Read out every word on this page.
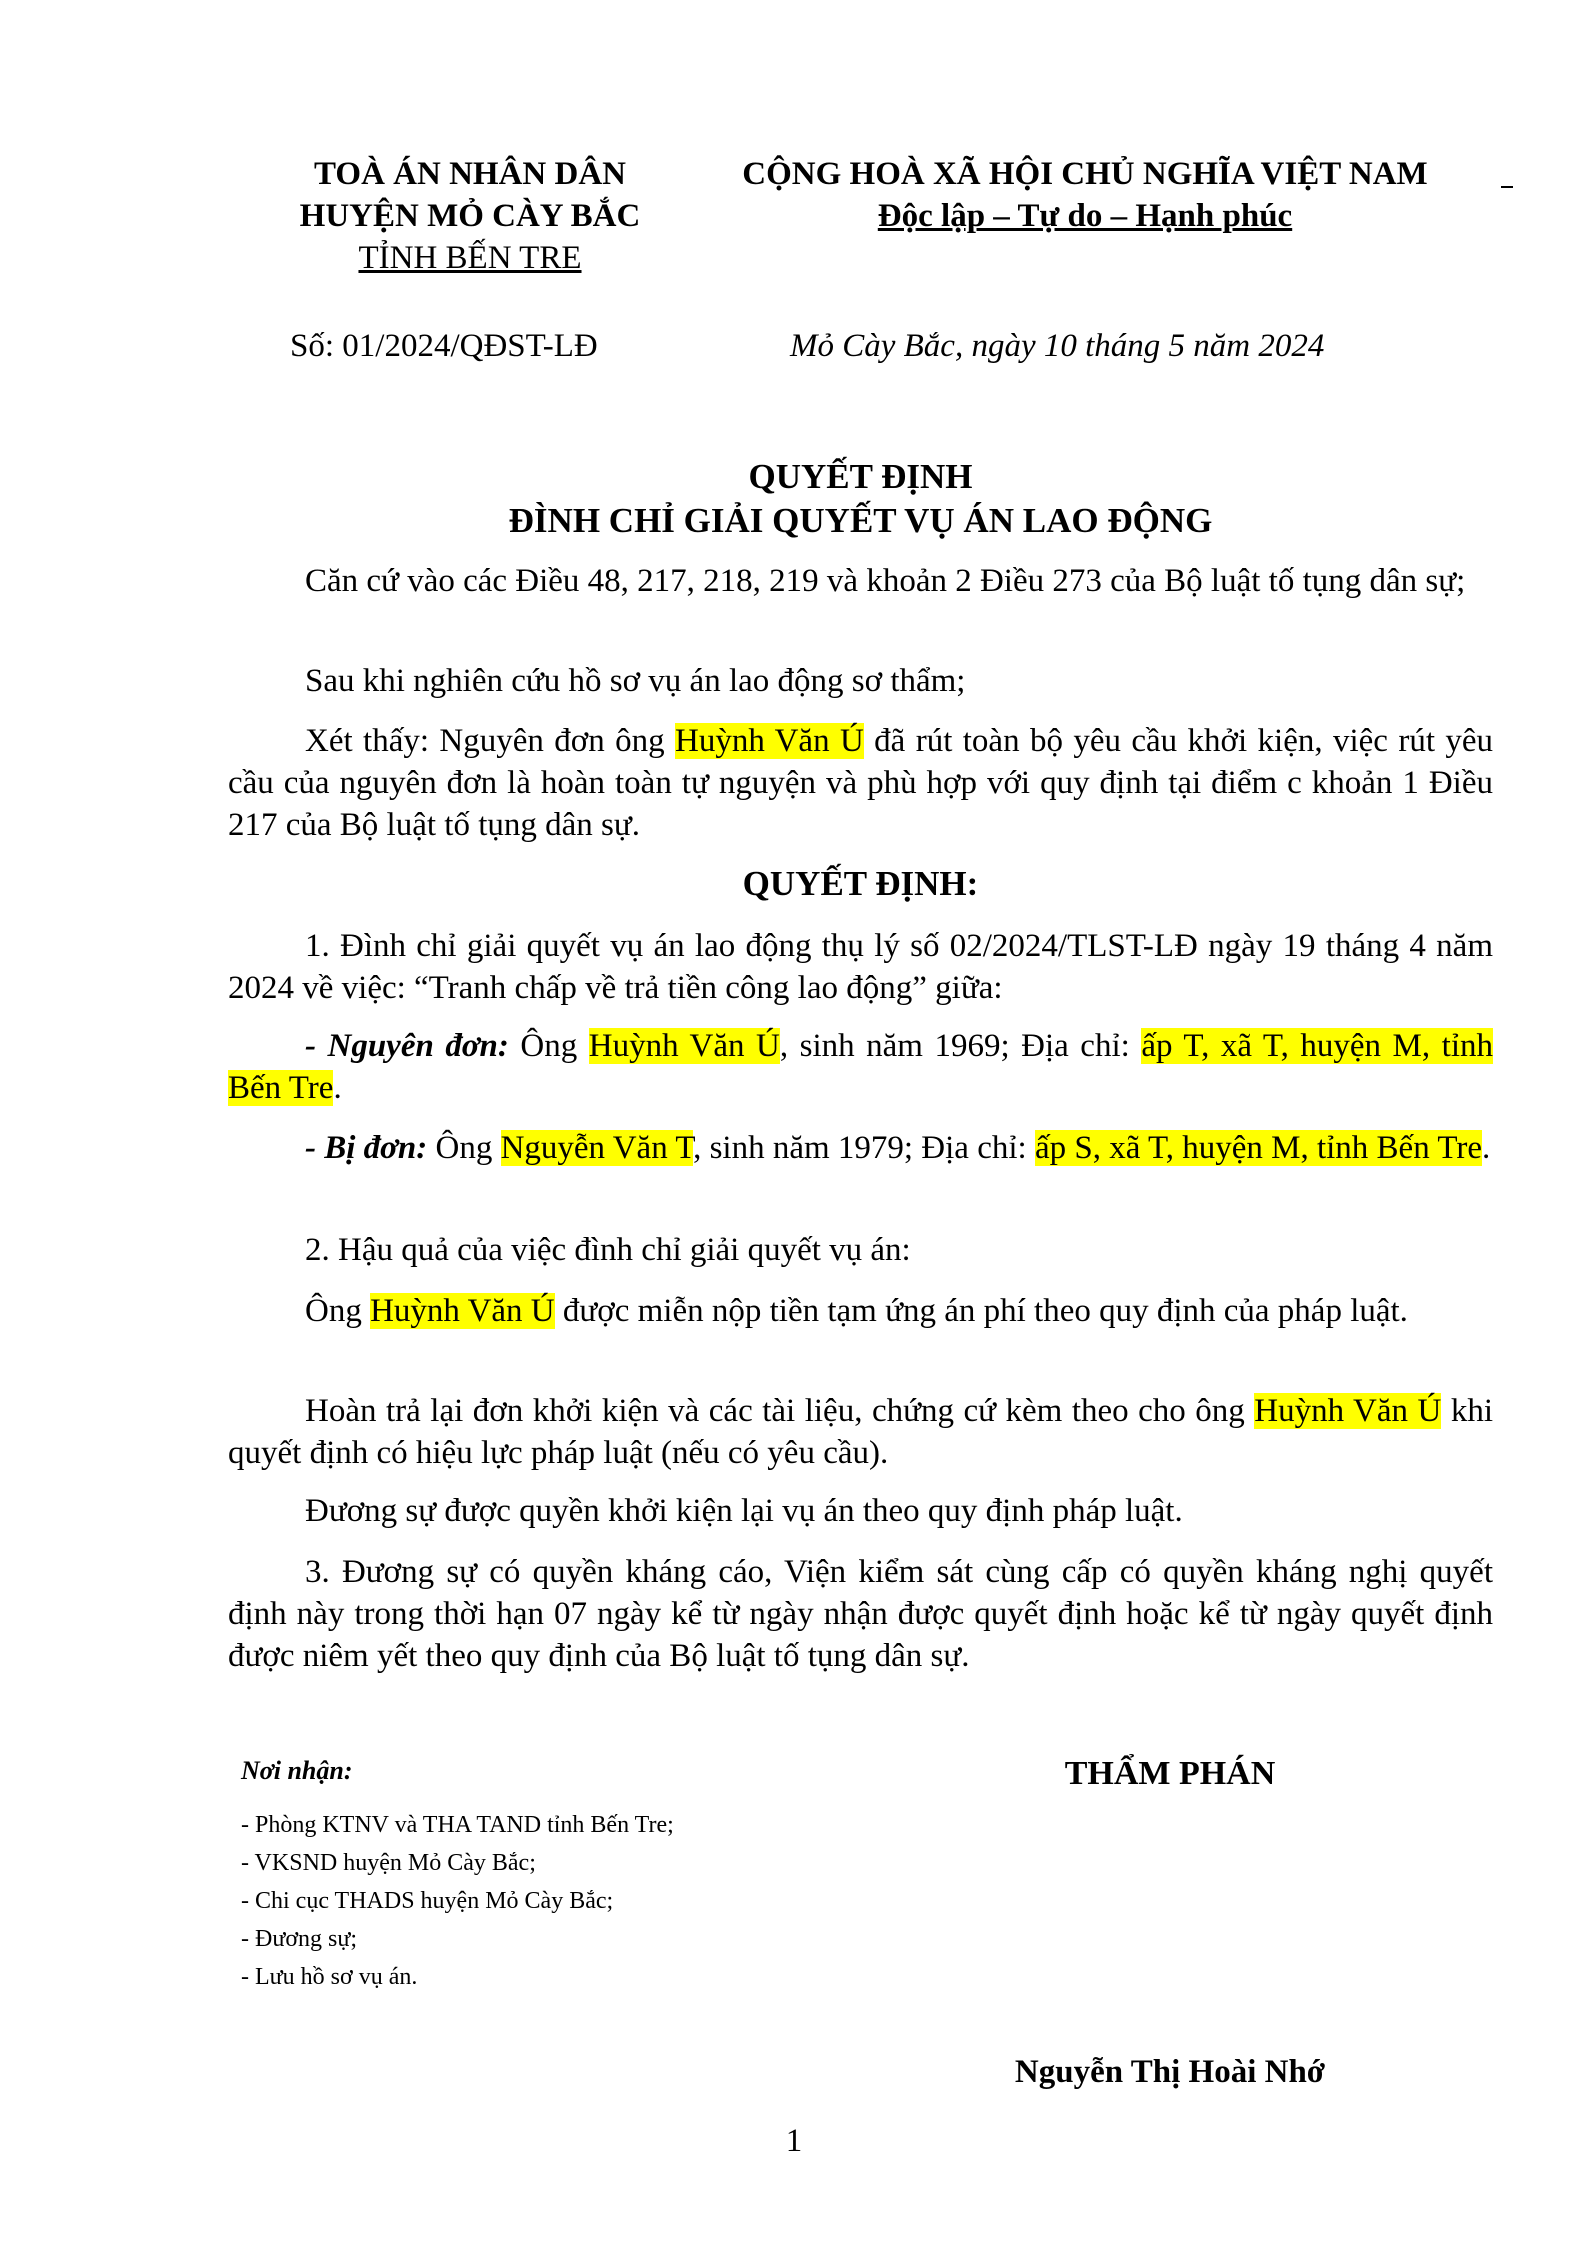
TOÀ ÁN NHÂN DÂN
HUYỆN MỎ CÀY BẮC
TỈNH BẾN TRE
CỘNG HOÀ XÃ HỘI CHỦ NGHĨA VIỆT NAM
Độc lập – Tự do – Hạnh phúc
Số: 01/2024/QĐST-LĐ	Mỏ Cày Bắc, ngày 10 tháng 5 năm 2024
QUYẾT ĐỊNH
ĐÌNH CHỈ GIẢI QUYẾT VỤ ÁN LAO ĐỘNG
Căn cứ vào các Điều 48, 217, 218, 219 và khoản 2 Điều 273 của Bộ luật tố tụng dân sự;
Sau khi nghiên cứu hồ sơ vụ án lao động sơ thẩm;
Xét thấy: Nguyên đơn ông Huỳnh Văn Ú đã rút toàn bộ yêu cầu khởi kiện, việc rút yêu cầu của nguyên đơn là hoàn toàn tự nguyện và phù hợp với quy định tại điểm c khoản 1 Điều 217 của Bộ luật tố tụng dân sự.
QUYẾT ĐỊNH:
1. Đình chỉ giải quyết vụ án lao động thụ lý số 02/2024/TLST-LĐ ngày 19 tháng 4 năm 2024 về việc: “Tranh chấp về trả tiền công lao động” giữa:
- Nguyên đơn: Ông Huỳnh Văn Ú, sinh năm 1969; Địa chỉ: ấp T, xã T, huyện M, tỉnh Bến Tre.
- Bị đơn: Ông Nguyễn Văn T, sinh năm 1979; Địa chỉ: ấp S, xã T, huyện M, tỉnh Bến Tre.
2. Hậu quả của việc đình chỉ giải quyết vụ án:
Ông Huỳnh Văn Ú được miễn nộp tiền tạm ứng án phí theo quy định của pháp luật.
Hoàn trả lại đơn khởi kiện và các tài liệu, chứng cứ kèm theo cho ông Huỳnh Văn Ú khi quyết định có hiệu lực pháp luật (nếu có yêu cầu).
Đương sự được quyền khởi kiện lại vụ án theo quy định pháp luật.
3. Đương sự có quyền kháng cáo, Viện kiểm sát cùng cấp có quyền kháng nghị quyết định này trong thời hạn 07 ngày kể từ ngày nhận được quyết định hoặc kể từ ngày quyết định được niêm yết theo quy định của Bộ luật tố tụng dân sự.
Nơi nhận:
- Phòng KTNV và THA TAND tỉnh Bến Tre;
- VKSND huyện Mỏ Cày Bắc;
- Chi cục THADS huyện Mỏ Cày Bắc;
- Đương sự;
- Lưu hồ sơ vụ án.
THẨM PHÁN
Nguyễn Thị Hoài Nhớ
1
